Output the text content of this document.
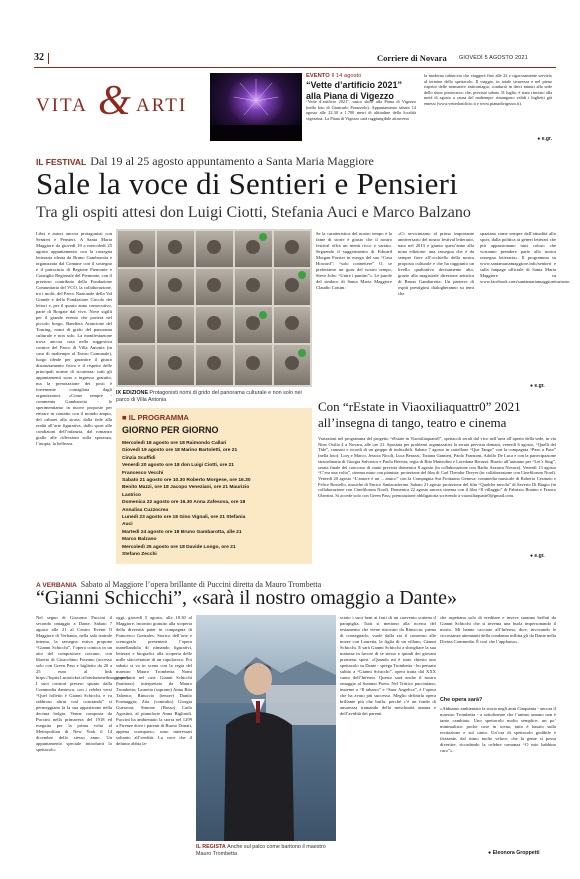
32	Corriere di Novara GIOVEDÌ 5 AGOSTO 2021
VITA & ARTI
EVENTO Il 14 agosto
“Vette d’artificio 2021”
alla Piana di Vigezzo
“Vette d’artificio 2021”, unico show alla Piana di Vigezzo (nella foto di Giancarlo Parazzolo). Appuntamento sabato 14 agosto alle 22.30 a 1.700 metri di altitudine della località vigezzina. La Piana di Vigezzo sarà raggiungibile attraverso
la moderna cabinovia che viaggerà fino alle 22 e rigorosamente servizio al termine dello spettacolo. Il viaggio, in totale sicurezza e nel pieno rispetto delle normative anticontagio, condurrà in dieci minuti alla sede dello show pirotecnico che, previsto sabato 31 luglio, è stato rinviato alla metà di agosto a causa del maltempo: rimangono validi i biglietti già emessi (www.vettedartificio.it e www.pianadivigezzo.it).
● e.gr.
IL FESTIVAL Dal 19 al 25 agosto appuntamento a Santa Maria Maggiore
Sale la voce di Sentieri e Pensieri
Tra gli ospiti attesi don Luigi Ciotti, Stefania Auci e Marco Balzano
Libri e autori ancora protagonisti con Sentieri e Pensieri. A Santa Maria Maggiore da giovedì 19 a mercoledì 25 agosto appuntamento con la rassegna letteraria ideata da Bruno Gambarotta e organizzata dal Comune con il sostegno e il patrocinio di Regione Piemonte e Consiglio Regionale del Piemonte, con il prezioso contributo della Fondazione Comunitaria del VCO, la collaborazione, tra i molti, del Parco Nazionale della Val Grande e della Fondazione Circolo dei lettori e, per il quarto anno consecutivo, parte di Borgate dal vivo. Nove sigilli per il grande evento che porterà nel piccolo borgo, Bandiera Arancione del Touring, nomi di grido del panorama culturale e non solo. La manifestazione trova ancora casa nella suggestiva cornice del Parco di Villa Antonia (in caso di maltempo al Teatro Comunale), luogo ideale per garantire il giusto distanziamento fisico e il rispetto delle principali norme di sicurezza: tutti gli appuntamenti sono a ingresso gratuito, ma la prenotazione dei posti è fortemente consigliata dagli organizzatori. «Come sempre - commenta Gambarotta - le sperimentiamo in nuove proposte per entrare in contatto con il mondo ampio, del cabaret alla storia, dalla fede alla realtà all’arte figurativa, dallo sport alle condizioni dell’infanzia, dal romanzo giallo alle riflessioni sulla speranza, l’utopia, la bellezza.
IX EDIZIONE Protagonisti nomi di grido del panorama culturale e non solo nel parco di Villa Antonia
■ IL PROGRAMMA
GIORNO PER GIORNO
Mercoledì 18 agosto ore 18 Raimondo Callari
Giovedì 19 agosto ore 18 Marino Bartoletti, ore 21
Cinzia Scaffidi
Venerdì 20 agosto ore 18 don Luigi Ciotti, ore 21
Francesco Vecchi
Sabato 21 agosto ore 10.30 Roberto Morgese, ore 16.30
Benito Mazzi, ore 18 Jacopo Veneziani, ore 21 Maurizio
Lastrico
Domenica 22 agosto ore 16.30 Anna Zafesova, ore 18
Annalisa Cuzzocrea
Lunedì 23 agosto ore 18 Gino Vignali, ore 21 Stefania
Auci
Martedì 24 agosto ore 18 Bruno Gambarotta, alle 21
Marco Balzano
Mercoledì 25 agosto ore 18 Davide Longo, ore 21
Stefano Zecchi
Se la caratteristica del nostro tempo è la fame di storie è giusto che il nostro festival offra un menù ricco e variato. Seguendo il suggerimento di Edward Morgan Forster in esergo del suo “Casa Howard”: “solo connettere” O, se preferiamo un guru del nostro tempo, Steve Jobs: “Unire i puntini”». Le parole del sindaco di Santa Maria Maggiore Claudio Cottini:
«Ci avviciniamo al primo importante anniversario del nostro festival letterario, nato nel 2013 e giunto quest’anno alla nona edizione: una rassegna che è da sempre fiore all’occhiello della nostra proposta culturale e che ha raggiunto un livello qualitativo decisamente alto, grazie alla magistrale direzione artistica di Bruno Gambarotta. Un parterre di ospiti prestigiosi dialogheranno su temi che
spaziano come sempre dall’attualità allo sport, dalla politica ai generi letterari che più appassionano tutti coloro che vorranno prendere parte alla nostra rassegna letteraria». Il programma su www.santamariamaggiore.info/sentieri e sulla fanpage ufficiale di Santa Maria Maggiore su www.facebook.com/santamariamaggioreturismo.
● e.gr.
Con “rEstate in Viaoxiliaquattr0” 2021
all’insegna di tango, teatro e cinema
Variazioni nel programma del progetto “rEstate in Viaoxiliaquattr0”, spettacoli serali dal vivo nell’area all’aperto della sede, in via Nino Oxilia 4 a Novara, alle ore 21. Spostata per problemi organizzativi la serata prevista domani, venerdì 6 agosto, “Quelli del Tide”, canzoni e ricordi di un gruppo di indiscibili. Sabato 7 agosto in cartellone “Que Tango” con la compagnia “Paso a Paso” (nella foto): Lory e Marco, Jessica Nicoli, Luca Berazzi, Tiziana Granieri, Paolo Franzoni, Adolfo De Luca e con la partecipazione straordinaria di Giorgia Salvatico e Paolo Beretta; regia di Rita Matteolini e Loredana Berazzi. Rinvio all’autunno per “Let’s Sing”, serata finale del concorso di canto prevista domenica 8 agosto (in collaborazione con Radio Azzurra Novara). Venerdì 13 agosto “C’era una volta”, cinema muto con pianista: proiezione del film di Carl Theodor Dreyer (in collaborazione con Cinefilorum Nord). Venerdì 20 agosto “L’amore è un ... amico” con la Compagnia Sui Frottanno Genova: commedia musicale di Roberto Cesinzio e Felice Rossello, musiche di Enrico Santacatterina. Sabato 21 agosto proiezione del film “Qualche nuvola” di Saverio Di Biagio (in collaborazione con Cinefilorum Nord). Domenica 22 agosto ancora cinema con il film “Il villaggio” di Fabrizio Bonino e Franco Ubertini. Si accede solo con Green Pass; prenotazione obbligatoria scrivendo a viaoxiliaquattr0@gmail.com.
● e.gr.
A VERBANIA Sabato al Maggiore l’opera brillante di Puccini diretta da Mauro Trombetta
“Gianni Schicchi”, «sarà il nostro omaggio a Dante»
Nel segno di Giacomo Puccini il secondo omaggio a Dante. Sabato 7 agosto alle 21 al Centro Eventi Il Maggiore di Verbania, nella sala teatrale interna, la rassegna estiva propone “Gianni Schicchi”, l’opera comica in un atto del compositore toscano, con libretto di Gioacchino Forzano (accesso solo con Green Pass e biglietto da 20 a 25 euro al link https://loptix1.mioticket.it/fondazioneilmaggiore/). I suoi creatori presero spunto dalla Commedia dantesca: con i celebri versi “Quel folletto è Gianni Schicchi, e va rabbioso altrui così conciando” si permeggiano fa la sua apparizione nella decima bolgia. Venne composta da Puccini nella primavera del 1918 ed eseguita per la prima volta al Metropolitan di New York il 14 dicembre dello stesso anno. Un appuntamento speciale introdurrà lo spettacolo:
oggi, giovedì 5 agosto, alle 18.30 al Maggiore, incontro gratuito alla scoperta della diversità pater in compagnia di Francesco Gonzales. Storico dell’arte e scenografo presenterà l’opera inanellandola di ritmando figurativi, letterari e biografici alla scoperta delle mille sfaccettature di un capolavoro. Poi sabato si va in scena con la regia del maestro Mauro Trombetta. Nomi importanti nel cast: Gianni Schicchi (baritono) interpretato da Mauro Trombetta; Lauretta (soprano) Anna Rita Taliento; Rinuccio (tenore) Danilo Formaggia; Zita (contralto) Giorgia Guerzoni; Simone (Basso) Carlo Agostini, al pianoforte Anna Bigliardi. Puccini ha ambientato la storia nel 1299 a Firenze dove i parenti di Buoso Donati, appena scomparso, sono interessati soltanto all’eredità. La voce che il defunto abbia la-
IL REGISTA Anche sul palco come baritono il maestro Mauro Trombetta
sciato i suoi beni ai frati di un convento scatena il parapiglia. Tutti si mettono alla ricerca del testamento che viene ritrovato da Rinuccio; prima di consegnarlo, vuole dalla zia il consenso alle nozze con Lauretta, la figlia di un villano, Gianni Schicchi. E sarà Gianni Schicchi a sbrogliare la sua matassa in favore di se stesso e quindi dei giovani promessi sposi. «Quando mi è stato chiesto uno spettacolo su Dante - spiega Trombetta - ho pensato subito a “Gianni Schicchi”, opera tratta dal XXX canto dell’Inferno. Questo sarà anche il nostro omaggio al Sommo Poeta. Nel Trittico pucciniano, insieme a “Il tabarro” e “Suor Angelica”, è l’opera che ha avuto più successo. Meglio definirla opera brillante più che buffa, perché c’è un fondo di amarezza tramando della meschinità umana e dell’avidità dei parenti
che aspettano solo di ereditare e invece saranno beffati da Gianni Schicchi che si inventa una burla impersonando il morto. Mi hanno cacciato all’Inferno, dice, invocando le circostanze attenuanti della condanna inflitta gli da Dante nella Divina Commedia. È così che l’applauso».
Che opera sarà?
«Abbiamo ambientato la storia negli anni Cinquanta - ancora il maestro Trombetta - a sottolineare che l’animo umano non è tanto cambiato. Uno spettacolo molto semplice, un po’ minimalista: poche cose in scena, tutto è basato sulla recitazione e sul canto. Un’ora di spettacolo godibile e frizzante, dal ritmo molto veloce, che la gente si possa divertire, ricordando la celebre romanza “O mio babbino caro”».
● Eleonora Groppetti
